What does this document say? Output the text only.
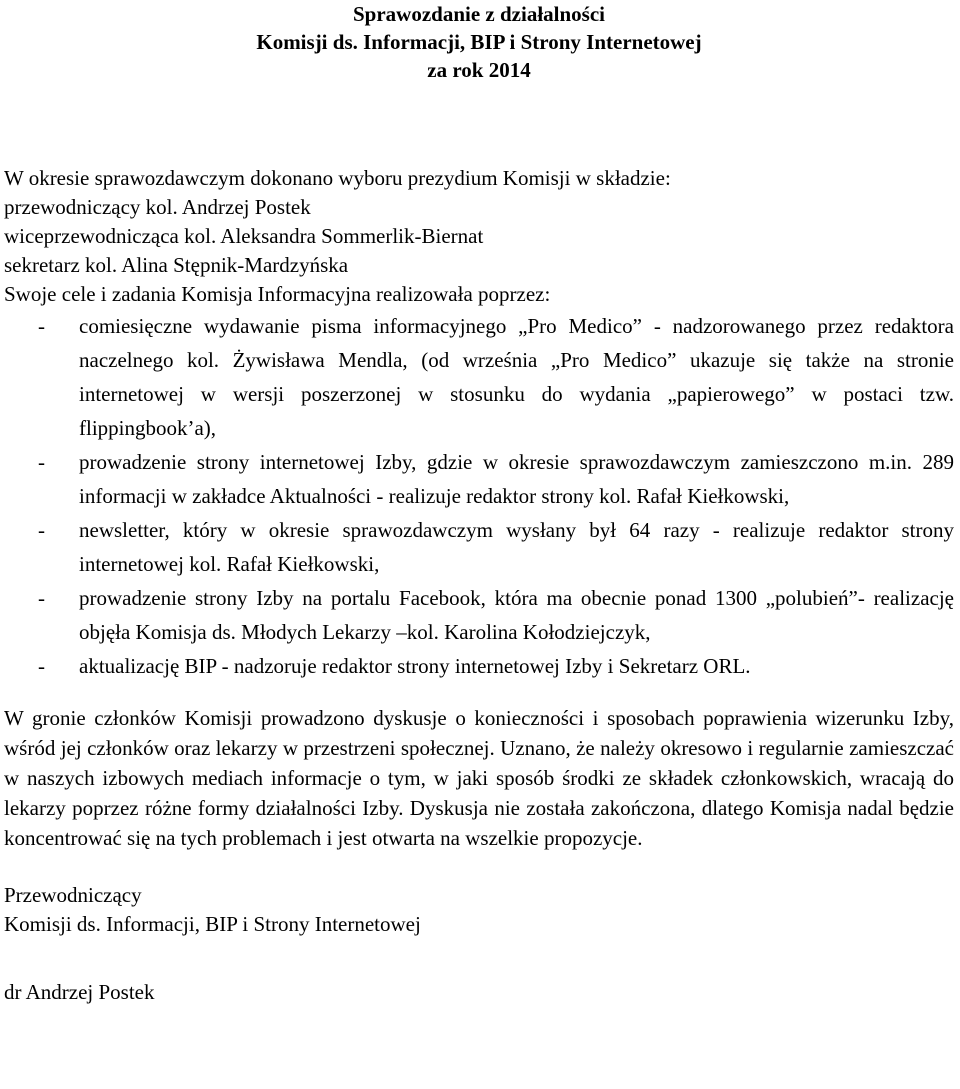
Sprawozdanie z działalności
Komisji ds. Informacji, BIP i Strony Internetowej
za rok 2014
W okresie sprawozdawczym dokonano wyboru prezydium Komisji w składzie:
przewodniczący kol. Andrzej Postek
wiceprzewodnicząca kol. Aleksandra Sommerlik-Biernat
sekretarz kol. Alina Stępnik-Mardzyńska
Swoje cele i zadania Komisja Informacyjna realizowała poprzez:
- comiesięczne wydawanie pisma informacyjnego „Pro Medico” - nadzorowanego przez redaktora naczelnego kol. Żywisława Mendla, (od września „Pro Medico” ukazuje się także na stronie internetowej w wersji poszerzonej w stosunku do wydania „papierowego” w postaci tzw. flippingbook’a),
- prowadzenie strony internetowej Izby, gdzie w okresie sprawozdawczym zamieszczono m.in. 289 informacji w zakładce Aktualności - realizuje redaktor strony kol. Rafał Kiełkowski,
- newsletter, który w okresie sprawozdawczym wysłany był 64 razy - realizuje redaktor strony internetowej kol. Rafał Kiełkowski,
- prowadzenie strony Izby na portalu Facebook, która ma obecnie ponad 1300 „polubień”- realizację objęła Komisja ds. Młodych Lekarzy –kol. Karolina Kołodziejczyk,
- aktualizację BIP - nadzoruje redaktor strony internetowej Izby i Sekretarz ORL.
W gronie członków Komisji prowadzono dyskusje o konieczności i sposobach poprawienia wizerunku Izby, wśród jej członków oraz lekarzy w przestrzeni społecznej. Uznano, że należy okresowo i regularnie zamieszczać w naszych izbowych mediach informacje o tym, w jaki sposób środki ze składek członkowskich, wracają do lekarzy poprzez różne formy działalności Izby. Dyskusja nie została zakończona, dlatego Komisja nadal będzie koncentrować się na tych problemach i jest otwarta na wszelkie propozycje.
Przewodniczący
Komisji ds. Informacji, BIP i Strony Internetowej
dr Andrzej Postek
